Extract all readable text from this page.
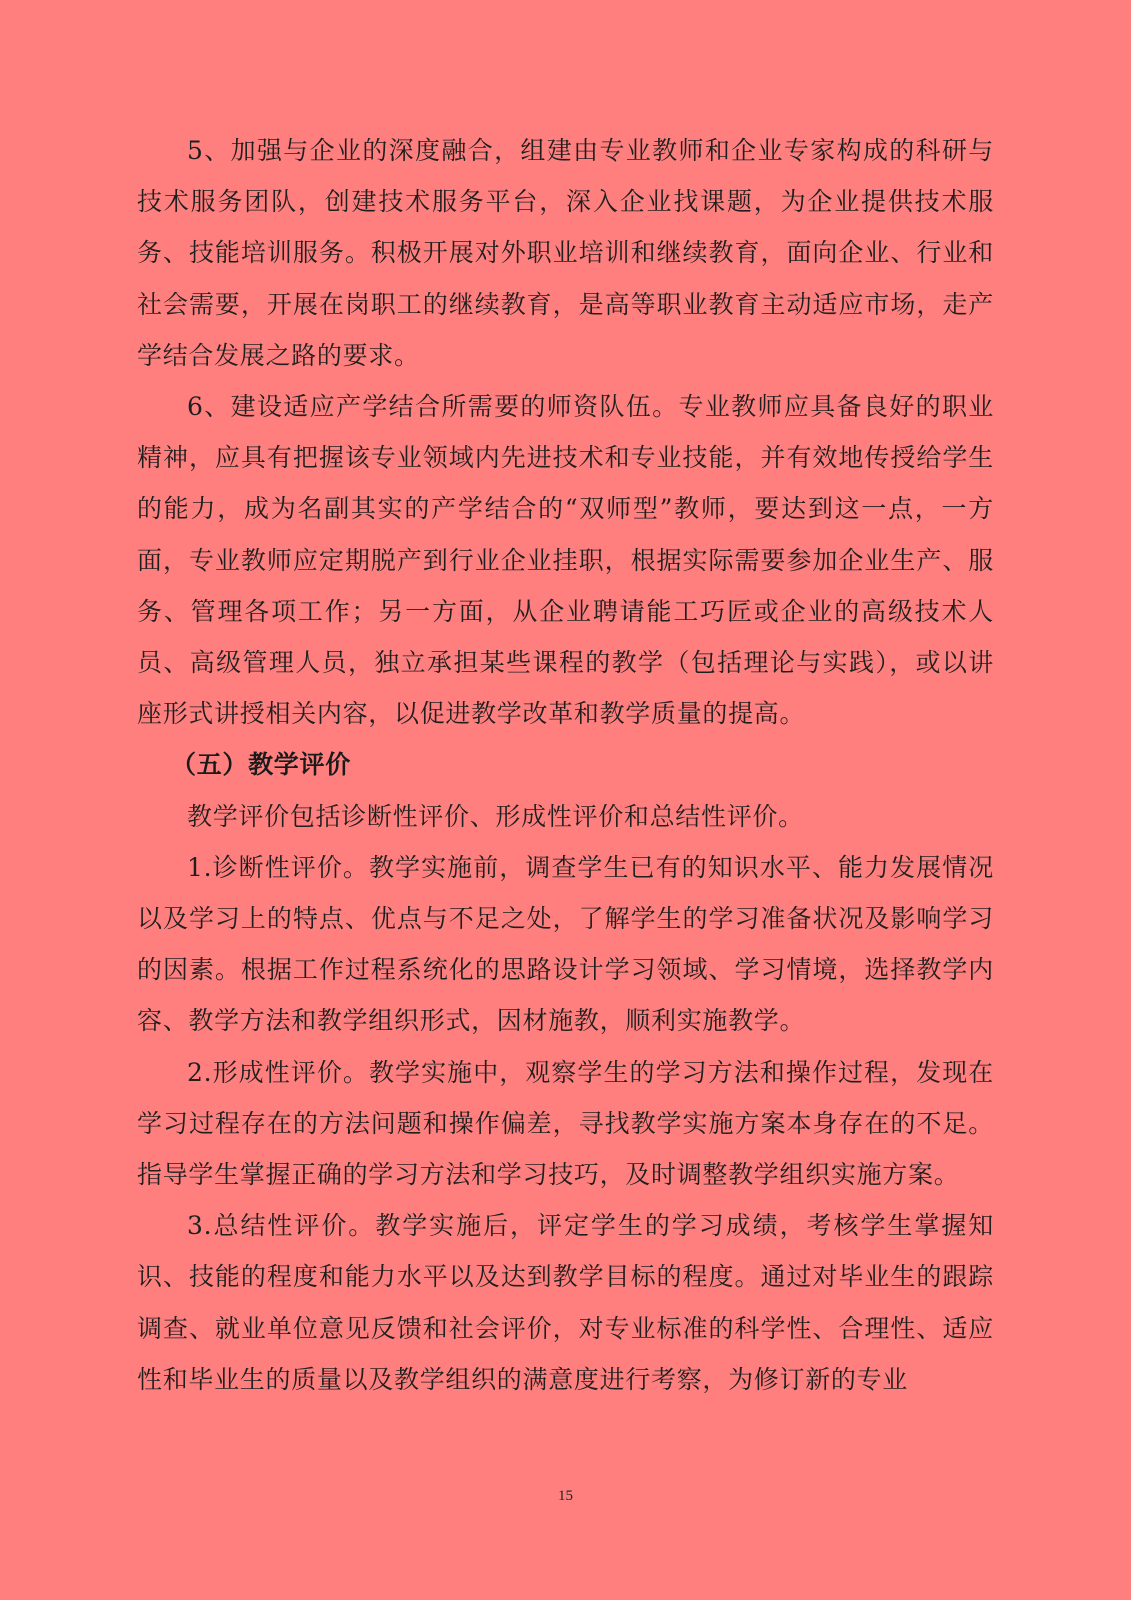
5、加强与企业的深度融合，组建由专业教师和企业专家构成的科研与技术服务团队，创建技术服务平台，深入企业找课题，为企业提供技术服务、技能培训服务。积极开展对外职业培训和继续教育，面向企业、行业和社会需要，开展在岗职工的继续教育，是高等职业教育主动适应市场，走产学结合发展之路的要求。

6、建设适应产学结合所需要的师资队伍。专业教师应具备良好的职业精神，应具有把握该专业领域内先进技术和专业技能，并有效地传授给学生的能力，成为名副其实的产学结合的“双师型”教师，要达到这一点，一方面，专业教师应定期脱产到行业企业挂职，根据实际需要参加企业生产、服务、管理各项工作；另一方面，从企业聘请能工巧匠或企业的高级技术人员、高级管理人员，独立承担某些课程的教学（包括理论与实践），或以讲座形式讲授相关内容，以促进教学改革和教学质量的提高。

（五）教学评价

教学评价包括诊断性评价、形成性评价和总结性评价。

1.诊断性评价。教学实施前，调查学生已有的知识水平、能力发展情况以及学习上的特点、优点与不足之处，了解学生的学习准备状况及影响学习的因素。根据工作过程系统化的思路设计学习领域、学习情境，选择教学内容、教学方法和教学组织形式，因材施教，顺利实施教学。

2.形成性评价。教学实施中，观察学生的学习方法和操作过程，发现在学习过程存在的方法问题和操作偏差，寻找教学实施方案本身存在的不足。指导学生掌握正确的学习方法和学习技巧，及时调整教学组织实施方案。

3.总结性评价。教学实施后，评定学生的学习成绩，考核学生掌握知识、技能的程度和能力水平以及达到教学目标的程度。通过对毕业生的跟踪调查、就业单位意见反馈和社会评价，对专业标准的科学性、合理性、适应性和毕业生的质量以及教学组织的满意度进行考察，为修订新的专业

15
